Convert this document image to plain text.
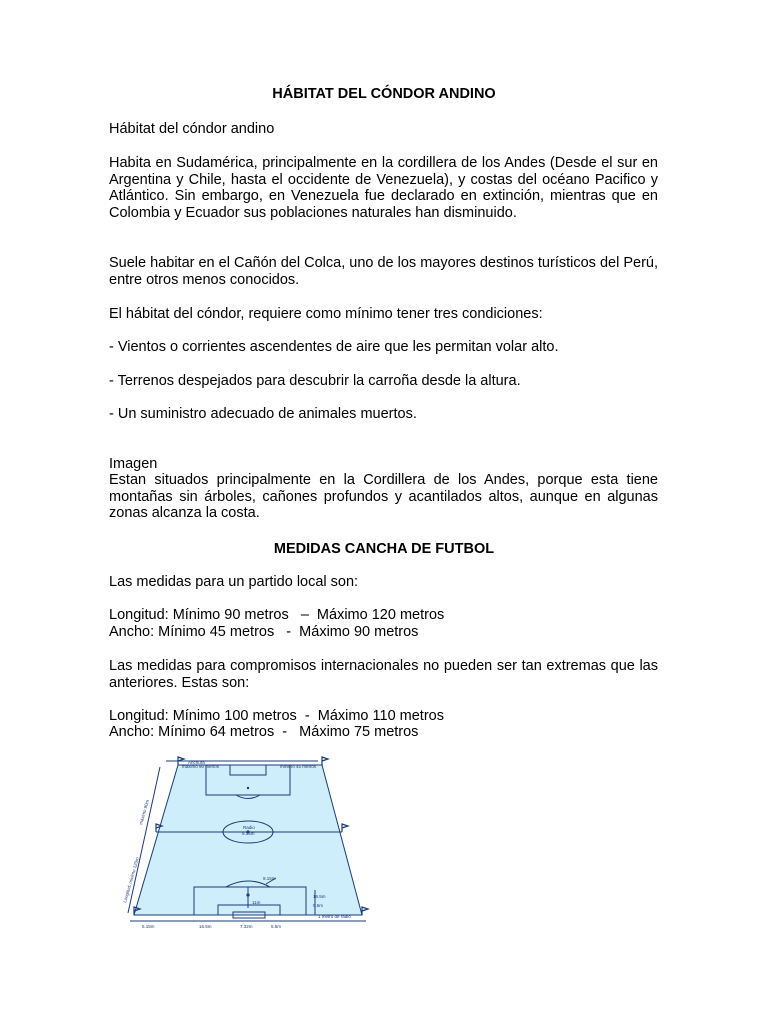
HÁBITAT DEL CÓNDOR ANDINO

Hábitat del cóndor andino

Habita en Sudamérica, principalmente en la cordillera de los Andes (Desde el sur en Argentina y Chile, hasta el occidente de Venezuela), y costas del océano Pacifico y Atlántico. Sin embargo, en Venezuela fue declarado en extinción, mientras que en Colombia y Ecuador sus poblaciones naturales han disminuido.

Suele habitar en el Cañón del Colca, uno de los mayores destinos turísticos del Perú, entre otros menos conocidos.

El hábitat del cóndor, requiere como mínimo tener tres condiciones:

- Vientos o corrientes ascendentes de aire que les permitan volar alto.

- Terrenos despejados para descubrir la carroña desde la altura.

- Un suministro adecuado de animales muertos.

Imagen

Estan situados principalmente en la Cordillera de los Andes, porque esta tiene montañas sin árboles, cañones profundos y acantilados altos, aunque en algunas zonas alcanza la costa.

MEDIDAS CANCHA DE FUTBOL

Las medidas para un partido local son:

Longitud: Mínimo 90 metros   –  Máximo 120 metros

Ancho: Mínimo 45 metros   -  Máximo 90 metros

Las medidas para compromisos internacionales no pueden ser tan extremas que las anteriores. Estas son:

Longitud: Mínimo 100 metros  -  Máximo 110 metros

Ancho: Mínimo 64 metros  -   Máximo 75 metros

Anchura
máximo 90 metros	mínimo 45 metros
máximo 90m
Longitud: mínimo 120m
Radio
9.15m
9.15m
11m
16.5m
5.5m
1 metro de radio
5.15m	16.5m	7.32m	5.5m
